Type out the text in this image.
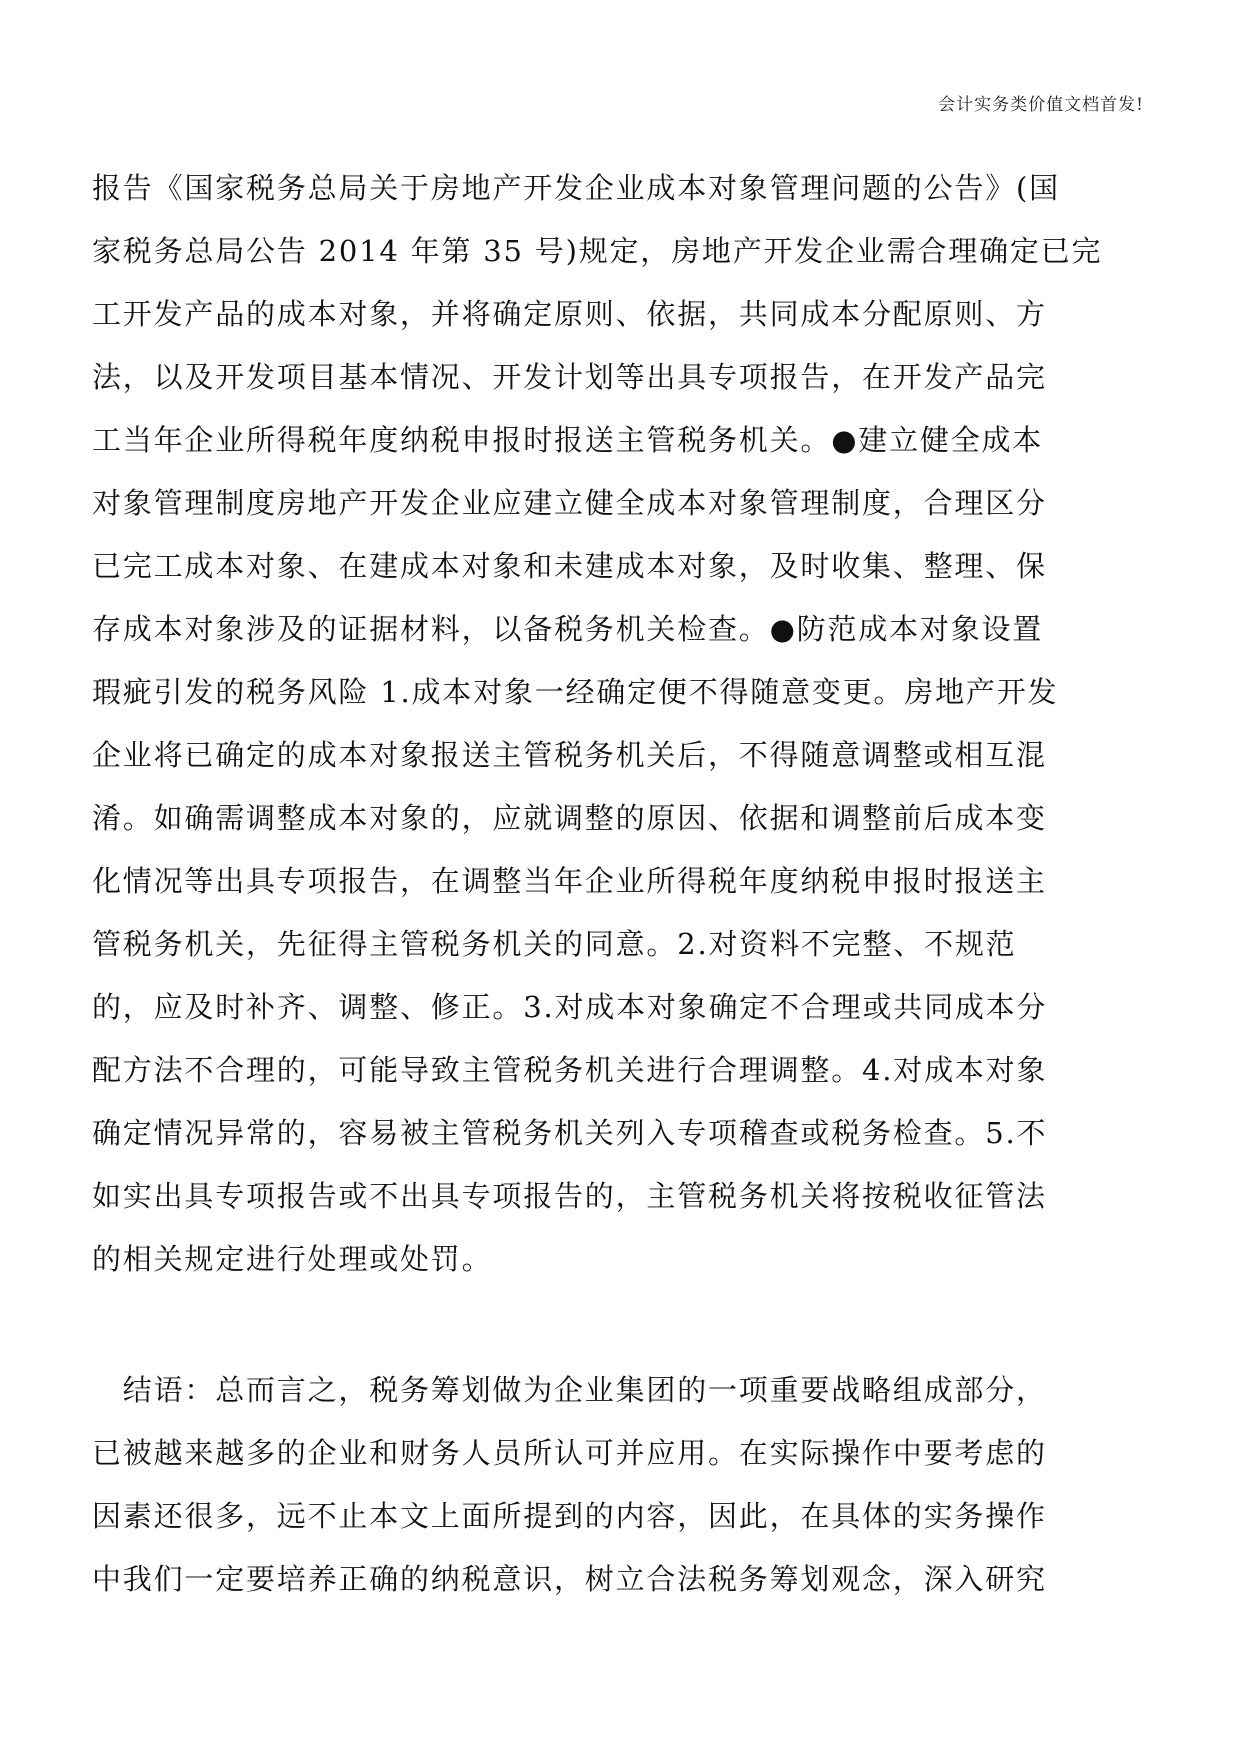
会计实务类价值文档首发!
报告《国家税务总局关于房地产开发企业成本对象管理问题的公告》(国
家税务总局公告 2014 年第 35 号)规定，房地产开发企业需合理确定已完
工开发产品的成本对象，并将确定原则、依据，共同成本分配原则、方
法，以及开发项目基本情况、开发计划等出具专项报告，在开发产品完
工当年企业所得税年度纳税申报时报送主管税务机关。●建立健全成本
对象管理制度房地产开发企业应建立健全成本对象管理制度，合理区分
已完工成本对象、在建成本对象和未建成本对象，及时收集、整理、保
存成本对象涉及的证据材料，以备税务机关检查。●防范成本对象设置
瑕疵引发的税务风险 1.成本对象一经确定便不得随意变更。房地产开发
企业将已确定的成本对象报送主管税务机关后，不得随意调整或相互混
淆。如确需调整成本对象的，应就调整的原因、依据和调整前后成本变
化情况等出具专项报告，在调整当年企业所得税年度纳税申报时报送主
管税务机关，先征得主管税务机关的同意。2.对资料不完整、不规范
的，应及时补齐、调整、修正。3.对成本对象确定不合理或共同成本分
配方法不合理的，可能导致主管税务机关进行合理调整。4.对成本对象
确定情况异常的，容易被主管税务机关列入专项稽查或税务检查。5.不
如实出具专项报告或不出具专项报告的，主管税务机关将按税收征管法
的相关规定进行处理或处罚。
　结语：总而言之，税务筹划做为企业集团的一项重要战略组成部分，
已被越来越多的企业和财务人员所认可并应用。在实际操作中要考虑的
因素还很多，远不止本文上面所提到的内容，因此，在具体的实务操作
中我们一定要培养正确的纳税意识，树立合法税务筹划观念，深入研究
